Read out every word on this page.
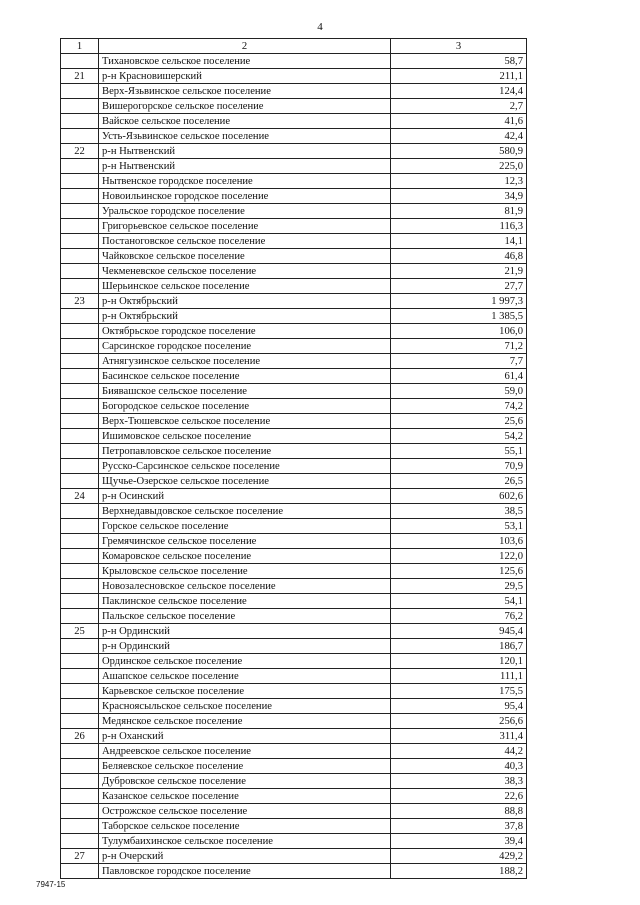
4
1	2	3
	Тихановское сельское поселение	58,7
21	р-н Красновишерский	211,1
	Верх-Язьвинское сельское поселение	124,4
	Вишерогорское сельское поселение	2,7
	Вайское сельское поселение	41,6
	Усть-Язьвинское сельское поселение	42,4
22	р-н Нытвенский	580,9
	р-н Нытвенский	225,0
	Нытвенское городское поселение	12,3
	Новоильинское городское поселение	34,9
	Уральское городское поселение	81,9
	Григорьевское сельское поселение	116,3
	Постаноговское сельское поселение	14,1
	Чайковское сельское поселение	46,8
	Чекменевское сельское поселение	21,9
	Шерьинское сельское поселение	27,7
23	р-н Октябрьский	1 997,3
	р-н Октябрьский	1 385,5
	Октябрьское городское поселение	106,0
	Сарсинское городское поселение	71,2
	Атнягузинское сельское поселение	7,7
	Басинское сельское поселение	61,4
	Биявашское сельское поселение	59,0
	Богородское сельское поселение	74,2
	Верх-Тюшевское сельское поселение	25,6
	Ишимовское сельское поселение	54,2
	Петропавловское сельское поселение	55,1
	Русско-Сарсинское сельское поселение	70,9
	Щучье-Озерское сельское поселение	26,5
24	р-н Осинский	602,6
	Верхнедавыдовское сельское поселение	38,5
	Горское сельское поселение	53,1
	Гремячинское сельское поселение	103,6
	Комаровское сельское поселение	122,0
	Крыловское сельское поселение	125,6
	Новозалесновское сельское поселение	29,5
	Паклинское сельское поселение	54,1
	Пальское сельское поселение	76,2
25	р-н Ординский	945,4
	р-н Ординский	186,7
	Ординское сельское поселение	120,1
	Ашапское сельское поселение	111,1
	Карьевское сельское поселение	175,5
	Красноясыльское сельское поселение	95,4
	Медянское сельское поселение	256,6
26	р-н Оханский	311,4
	Андреевское сельское поселение	44,2
	Беляевское сельское поселение	40,3
	Дубровское сельское поселение	38,3
	Казанское сельское поселение	22,6
	Острожское сельское поселение	88,8
	Таборское сельское поселение	37,8
	Тулумбаихинское сельское поселение	39,4
27	р-н Очерский	429,2
	Павловское городское поселение	188,2
7947-15
